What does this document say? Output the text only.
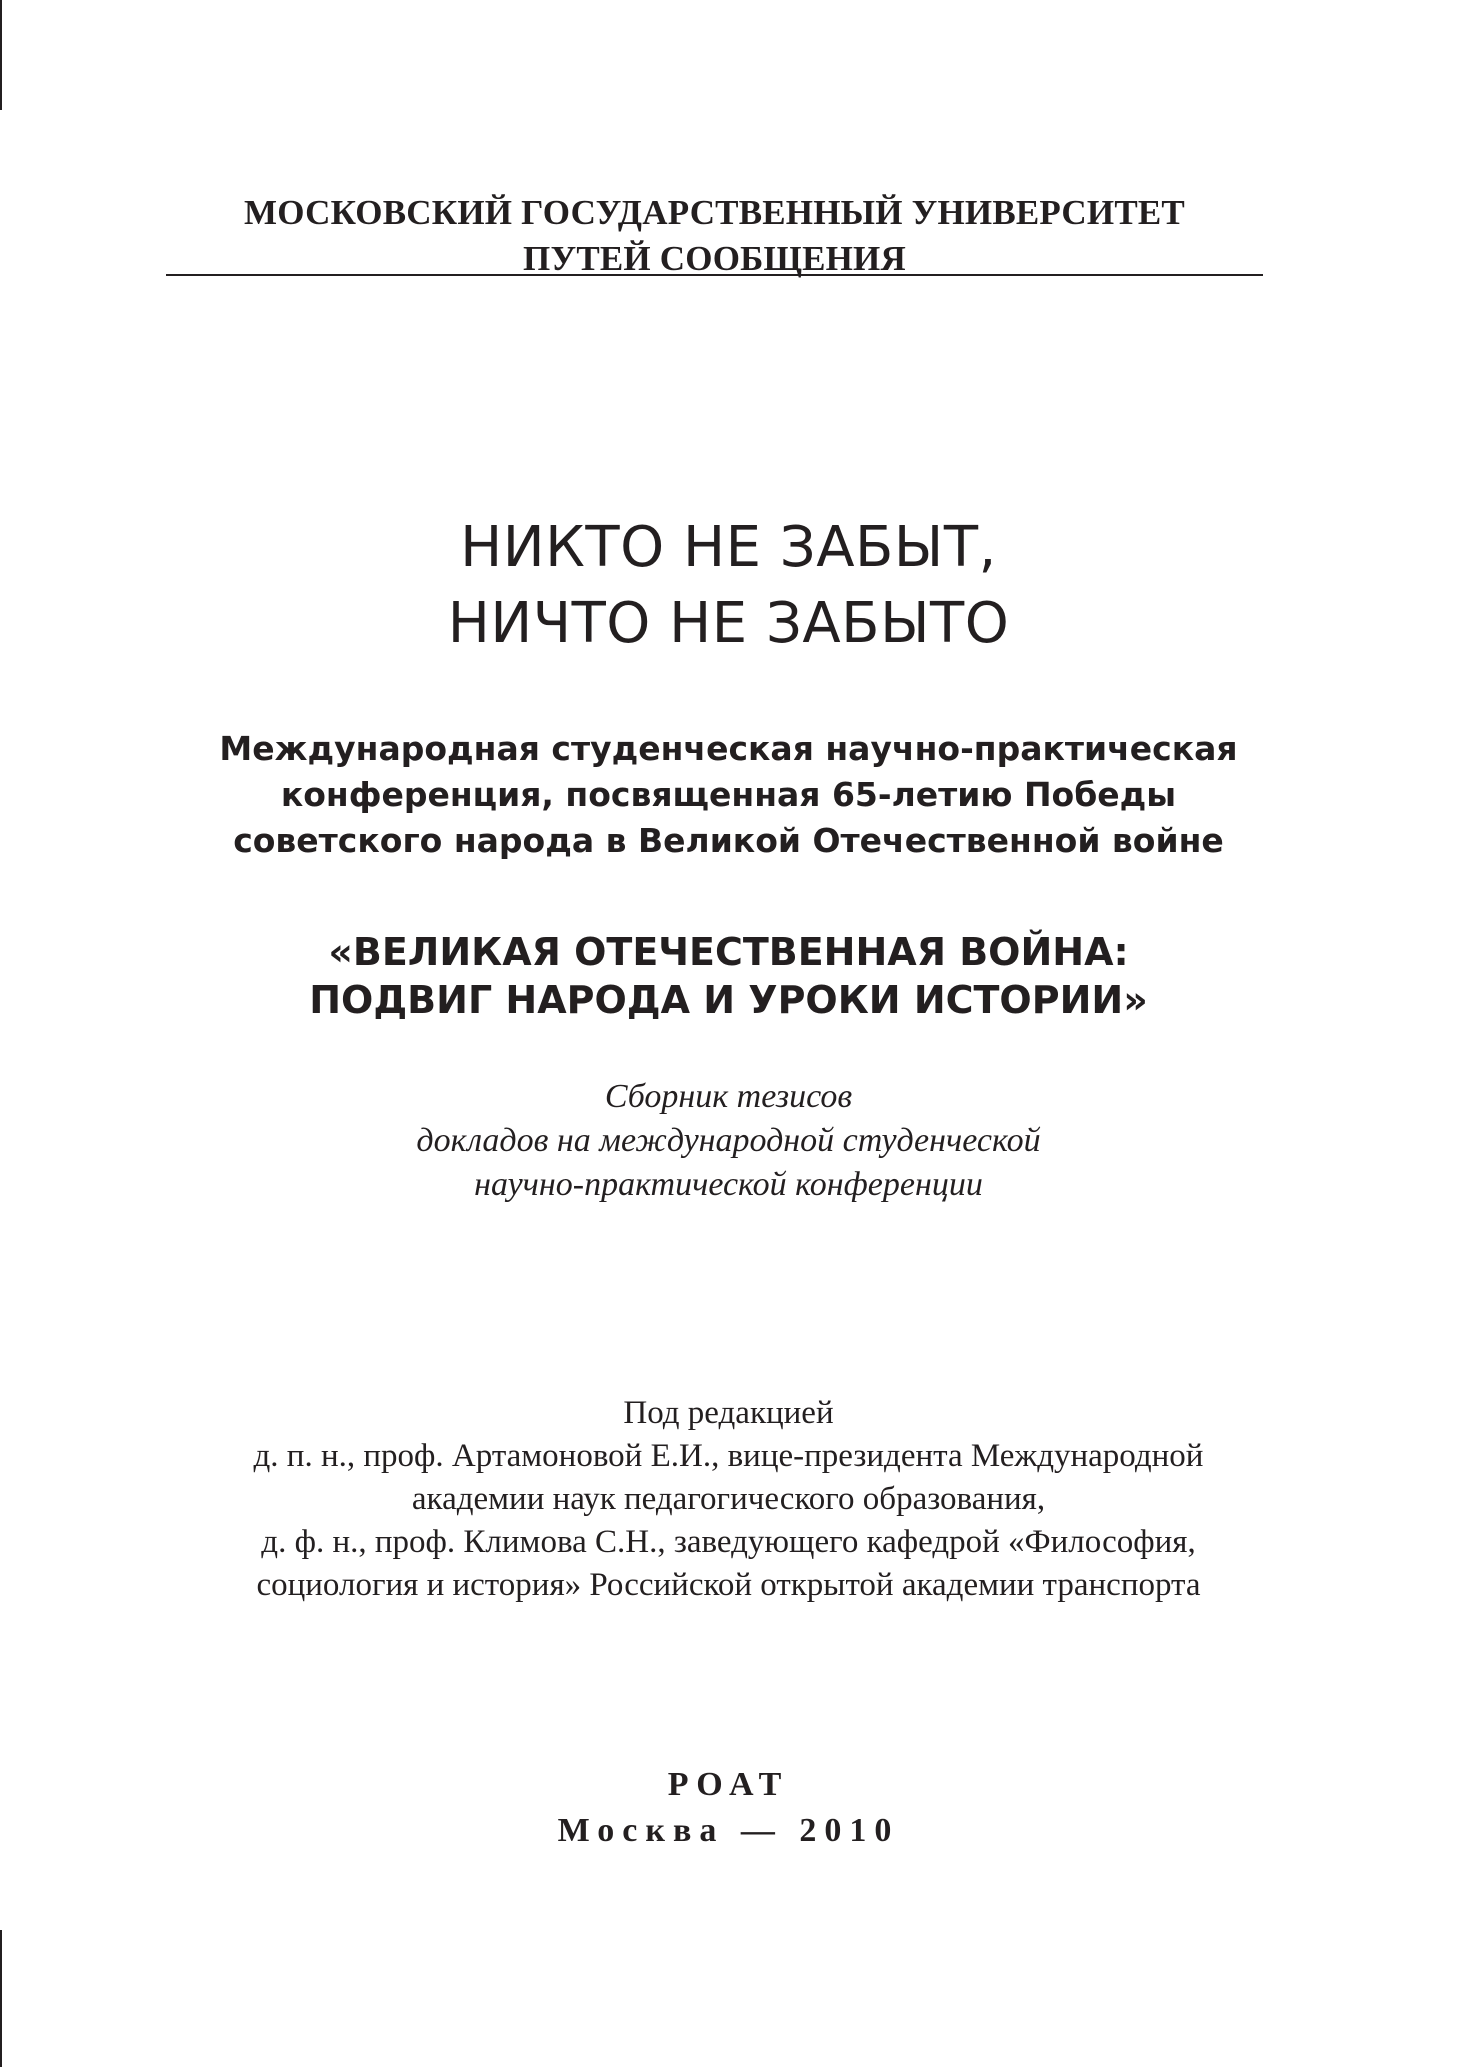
МОСКОВСКИЙ ГОСУДАРСТВЕННЫЙ УНИВЕРСИТЕТ
ПУТЕЙ СООБЩЕНИЯ
НИКТО НЕ ЗАБЫТ,
НИЧТО НЕ ЗАБЫТО
Международная студенческая научно-практическая
конференция, посвященная 65-летию Победы
советского народа в Великой Отечественной войне
«ВЕЛИКАЯ ОТЕЧЕСТВЕННАЯ ВОЙНА:
ПОДВИГ НАРОДА И УРОКИ ИСТОРИИ»
Сборник тезисов
докладов на международной студенческой
научно-практической конференции
Под редакцией
д. п. н., проф. Артамоновой Е.И., вице-президента Международной
академии наук педагогического образования,
д. ф. н., проф. Климова С.Н., заведующего кафедрой «Философия,
социология и история» Российской открытой академии транспорта
РОАТ
Москва — 2010
